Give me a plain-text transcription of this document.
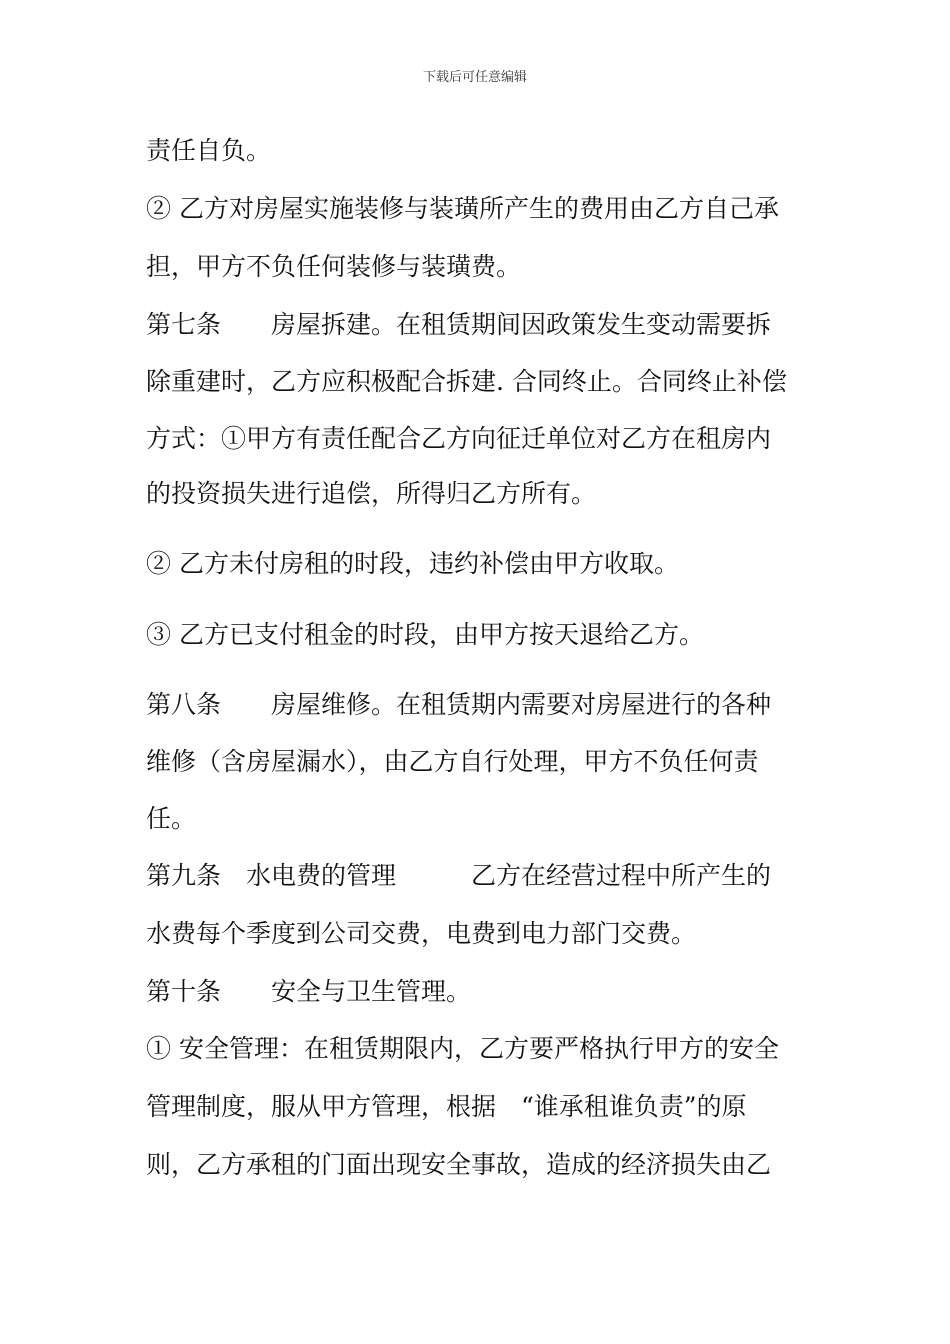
下载后可任意编辑
责任自负。
② 乙方对房屋实施装修与装璜所产生的费用由乙方自己承
担，甲方不负任何装修与装璜费。
第七条　　房屋拆建。在租赁期间因政策发生变动需要拆
除重建时，乙方应积极配合拆建. 合同终止。合同终止补偿
方式：①甲方有责任配合乙方向征迁单位对乙方在租房内
的投资损失进行追偿，所得归乙方所有。
② 乙方未付房租的时段，违约补偿由甲方收取。
③ 乙方已支付租金的时段，由甲方按天退给乙方。
第八条　　房屋维修。在租赁期内需要对房屋进行的各种
维修（含房屋漏水），由乙方自行处理，甲方不负任何责
任。
第九条　水电费的管理　　　乙方在经营过程中所产生的
水费每个季度到公司交费，电费到电力部门交费。
第十条　　安全与卫生管理。
① 安全管理：在租赁期限内，乙方要严格执行甲方的安全
管理制度，服从甲方管理，根据　“谁承租谁负责”的原
则，乙方承租的门面出现安全事故，造成的经济损失由乙
